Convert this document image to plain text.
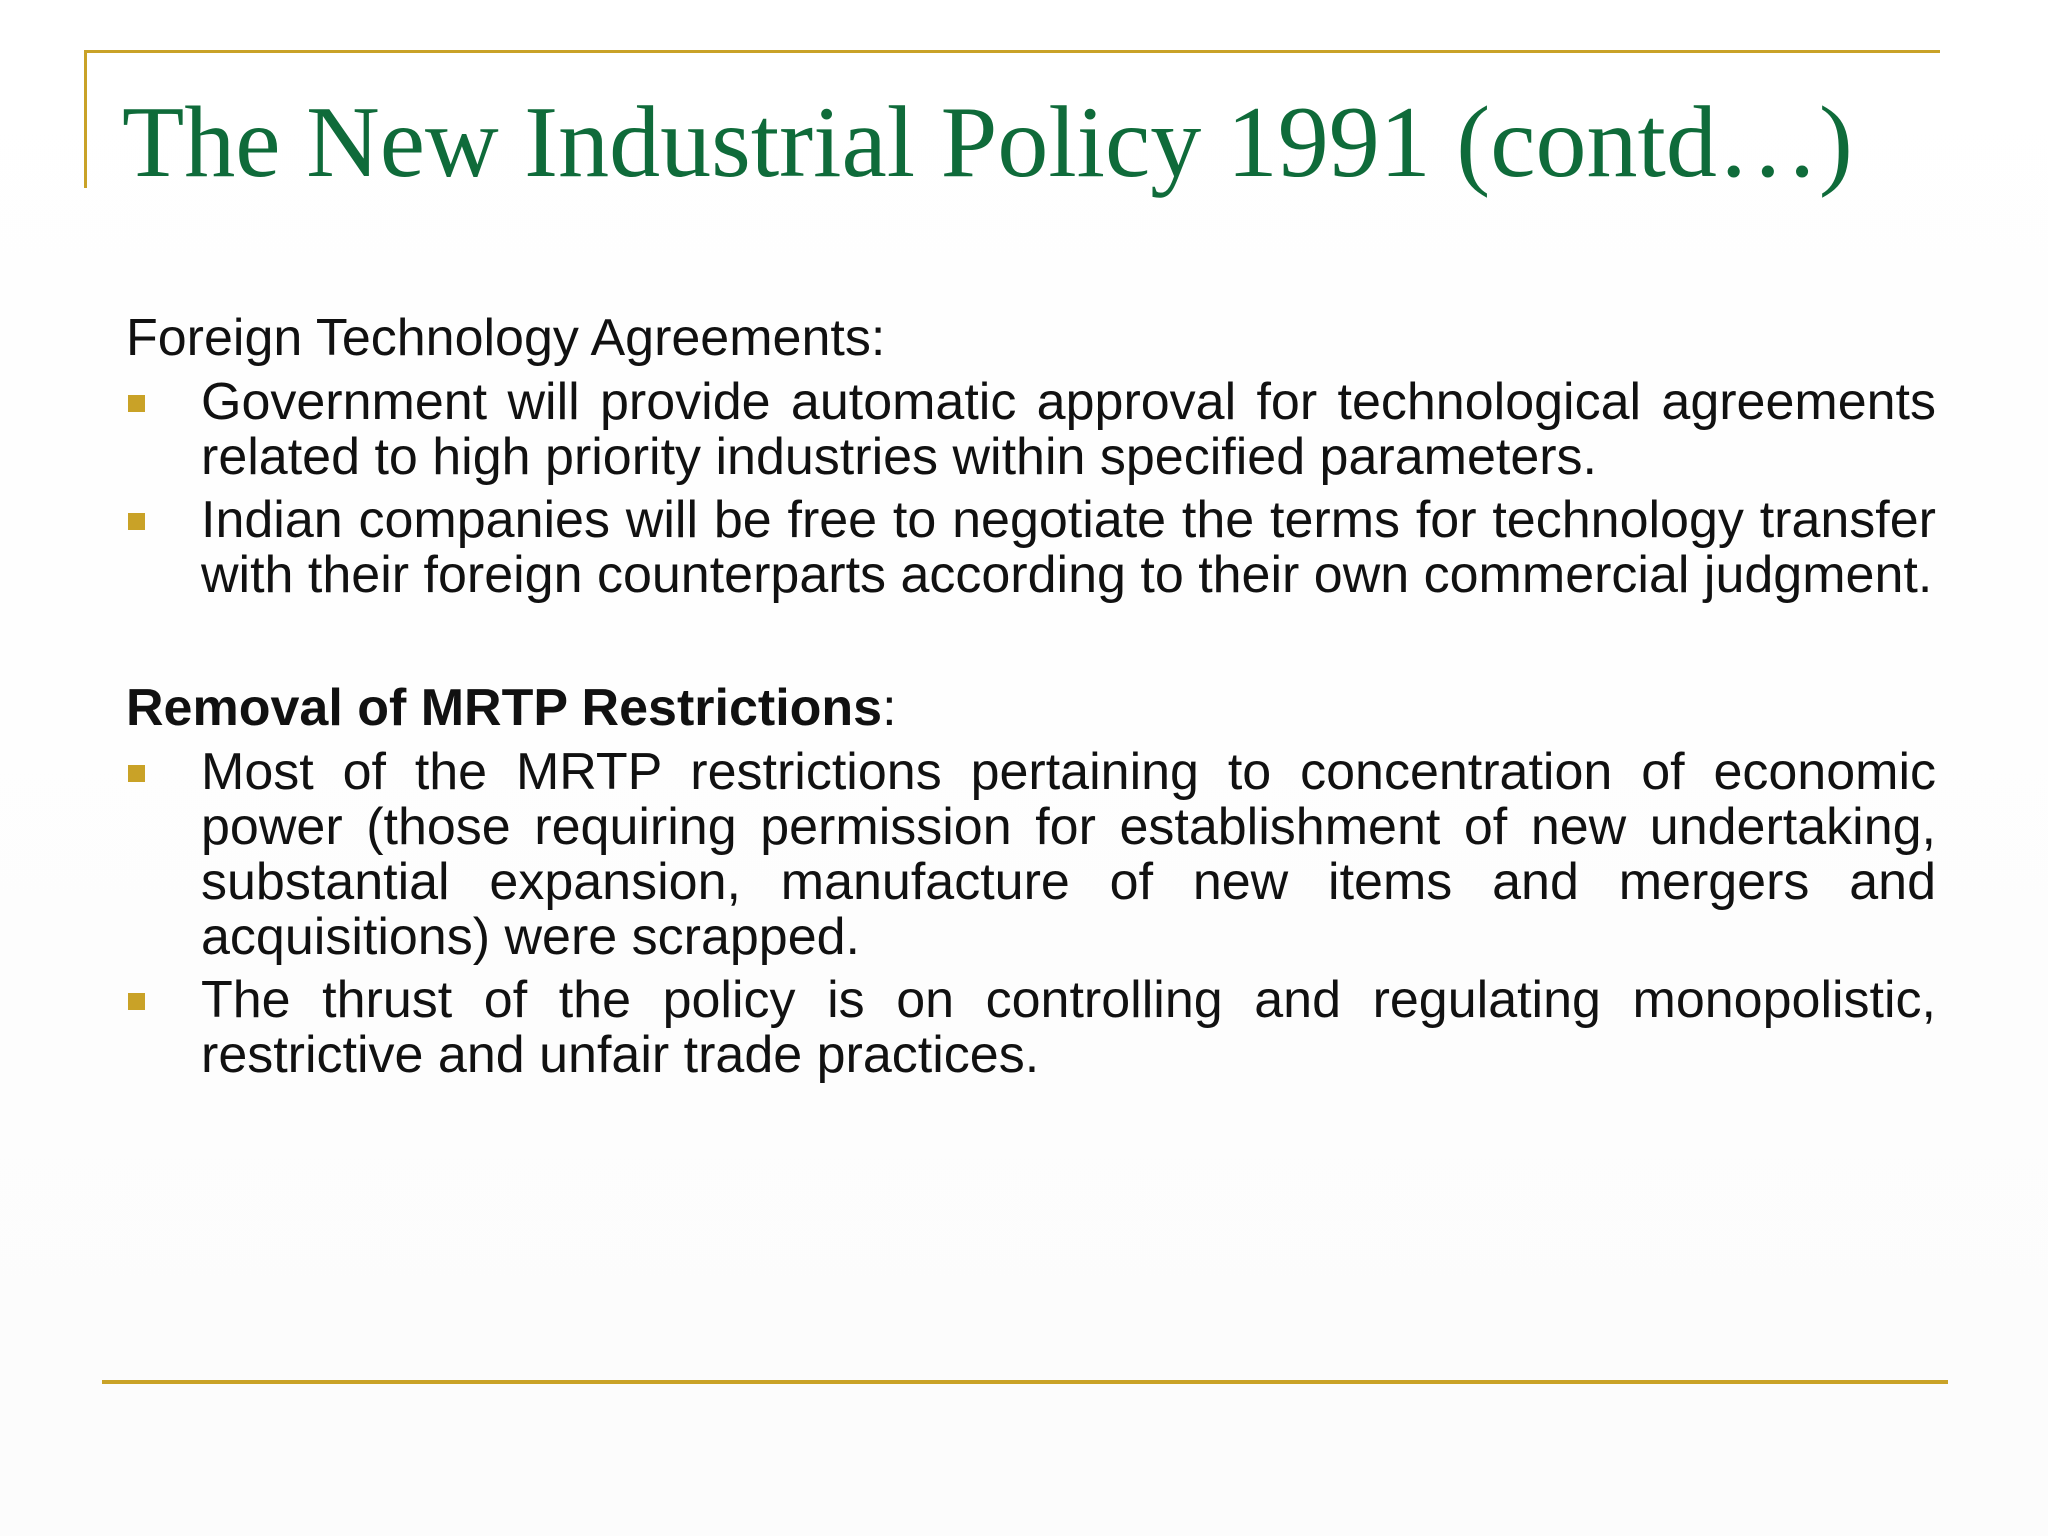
The New Industrial Policy 1991 (contd…)

Foreign Technology Agreements:

Government will provide automatic approval for technological agreements related to high priority industries within specified parameters.
Indian companies will be free to negotiate the terms for technology transfer with their foreign counterparts according to their own commercial judgment.

Removal of MRTP Restrictions:

Most of the MRTP restrictions pertaining to concentration of economic power (those requiring permission for establishment of new undertaking, substantial expansion, manufacture of new items and mergers and acquisitions) were scrapped.
The thrust of the policy is on controlling and regulating monopolistic, restrictive and unfair trade practices.
